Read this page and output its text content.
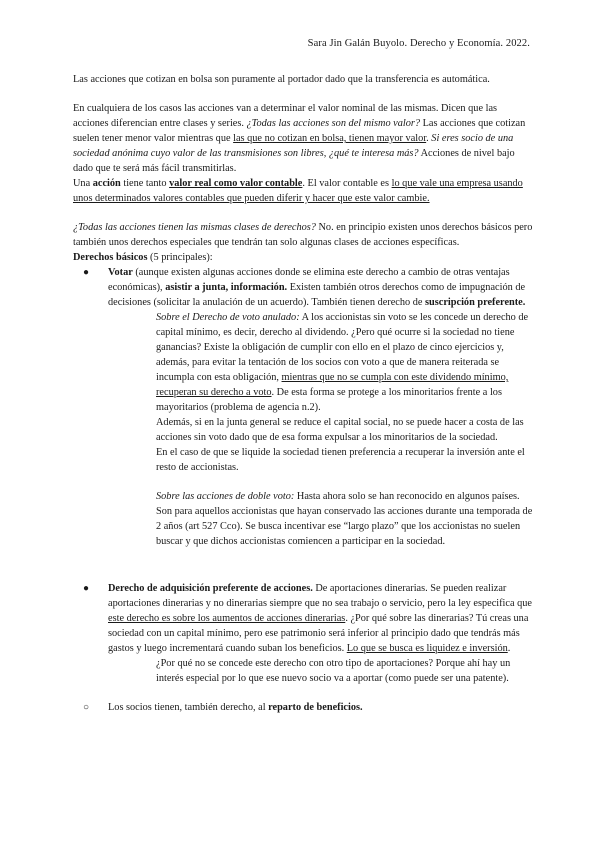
Sara Jin Galán Buyolo. Derecho y Economía. 2022.

Las acciones que cotizan en bolsa son puramente al portador dado que la transferencia es automática.

En cualquiera de los casos las acciones van a determinar el valor nominal de las mismas. Dicen que las acciones diferencian entre clases y series. ¿Todas las acciones son del mismo valor? Las acciones que cotizan suelen tener menor valor mientras que las que no cotizan en bolsa, tienen mayor valor. Si eres socio de una sociedad anónima cuyo valor de las transmisiones son libres, ¿qué te interesa más? Acciones de nivel bajo dado que te será más fácil transmitirlas.

Una acción tiene tanto valor real como valor contable. El valor contable es lo que vale una empresa usando unos determinados valores contables que pueden diferir y hacer que este valor cambie.

¿Todas las acciones tienen las mismas clases de derechos? No. en principio existen unos derechos básicos pero también unos derechos especiales que tendrán tan solo algunas clases de acciones específicas.

Derechos básicos (5 principales):

● Votar (aunque existen algunas acciones donde se elimina este derecho a cambio de otras ventajas económicas), asistir a junta, información. Existen también otros derechos como de impugnación de decisiones (solicitar la anulación de un acuerdo). También tienen derecho de suscripción preferente.

Sobre el Derecho de voto anulado: A los accionistas sin voto se les concede un derecho de capital mínimo, es decir, derecho al dividendo. ¿Pero qué ocurre si la sociedad no tiene ganancias? Existe la obligación de cumplir con ello en el plazo de cinco ejercicios y, además, para evitar la tentación de los socios con voto a que de manera reiterada se incumpla con esta obligación, mientras que no se cumpla con este dividendo mínimo, recuperan su derecho a voto. De esta forma se protege a los minoritarios frente a los mayoritarios (problema de agencia n.2).

Además, si en la junta general se reduce el capital social, no se puede hacer a costa de las acciones sin voto dado que de esa forma expulsar a los minoritarios de la sociedad.

En el caso de que se liquide la sociedad tienen preferencia a recuperar la inversión ante el resto de accionistas.

Sobre las acciones de doble voto: Hasta ahora solo se han reconocido en algunos países. Son para aquellos accionistas que hayan conservado las acciones durante una temporada de 2 años (art 527 Cco). Se busca incentivar ese “largo plazo” que los accionistas no suelen buscar y que dichos accionistas comiencen a participar en la sociedad.

● Derecho de adquisición preferente de acciones. De aportaciones dinerarias. Se pueden realizar aportaciones dinerarias y no dinerarias siempre que no sea trabajo o servicio, pero la ley especifica que este derecho es sobre los aumentos de acciones dinerarias. ¿Por qué sobre las dinerarias? Tú creas una sociedad con un capital mínimo, pero ese patrimonio será inferior al principio dado que tendrás más gastos y luego incrementará cuando suban los beneficios. Lo que se busca es liquidez e inversión.

¿Por qué no se concede este derecho con otro tipo de aportaciones? Porque ahí hay un interés especial por lo que ese nuevo socio va a aportar (como puede ser una patente).

○ Los socios tienen, también derecho, al reparto de beneficios.
